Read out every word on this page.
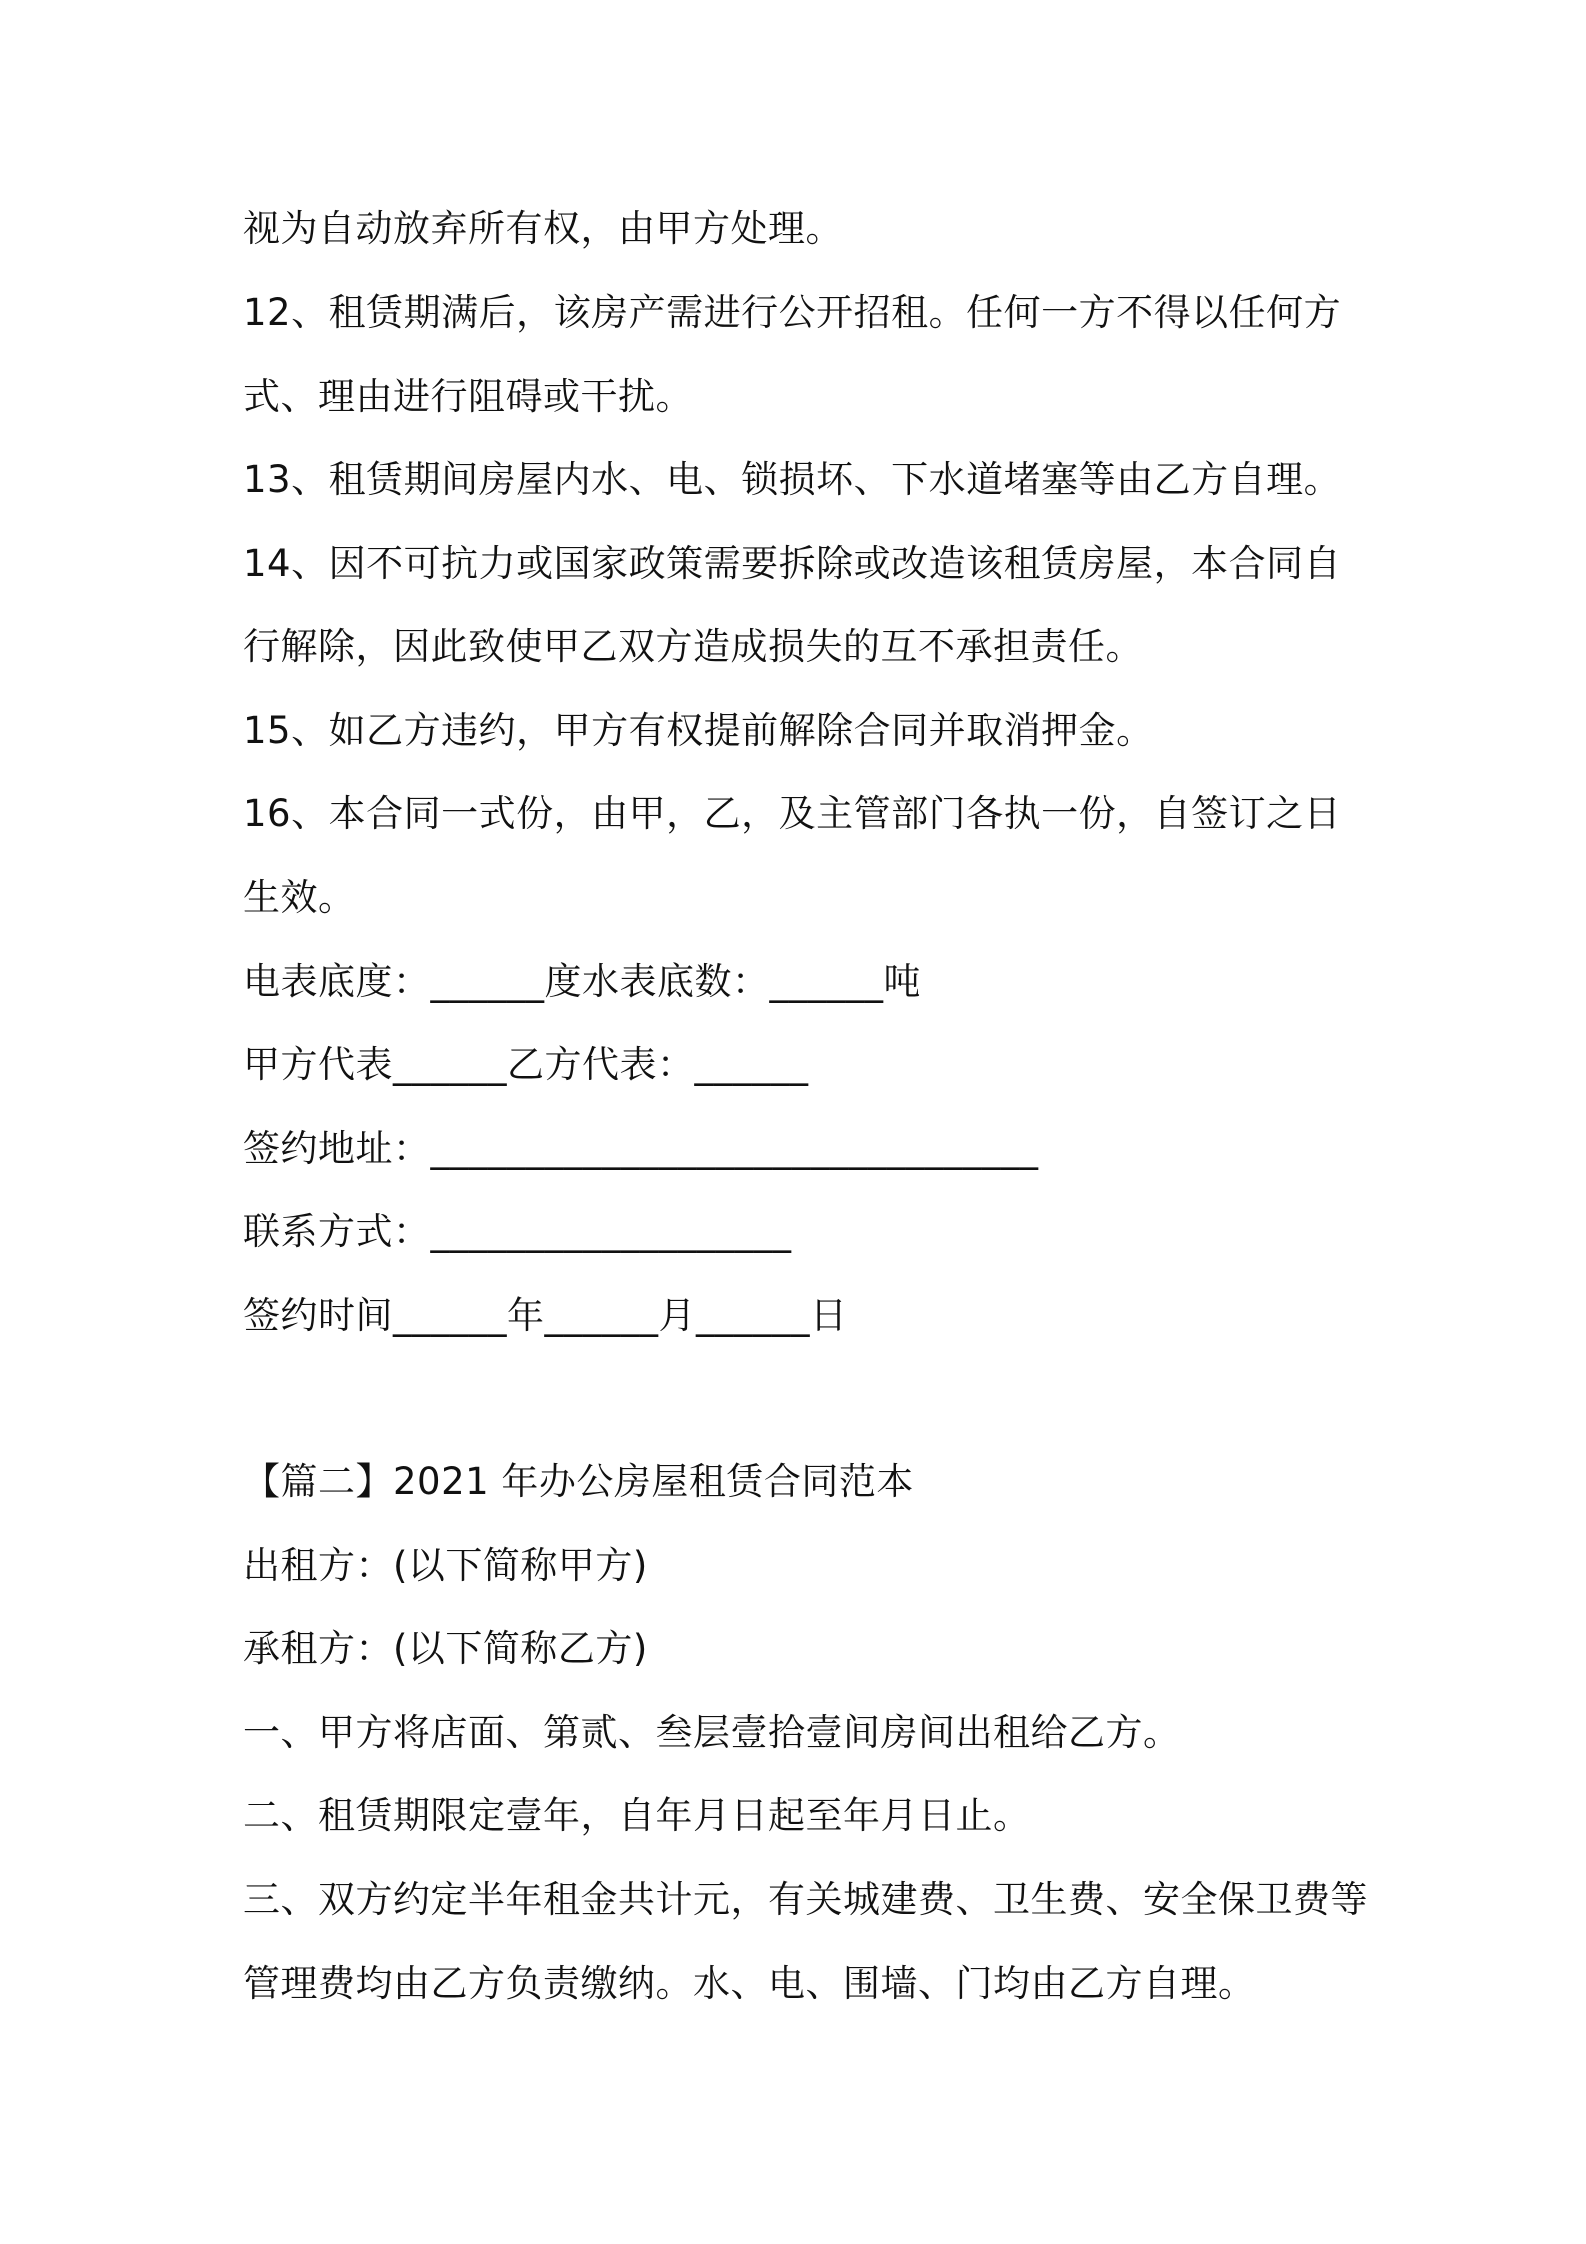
视为自动放弃所有权，由甲方处理。

12、租赁期满后，该房产需进行公开招租。任何一方不得以任何方

式、理由进行阻碍或干扰。

13、租赁期间房屋内水、电、锁损坏、下水道堵塞等由乙方自理。

14、因不可抗力或国家政策需要拆除或改造该租赁房屋，本合同自

行解除，因此致使甲乙双方造成损失的互不承担责任。

15、如乙方违约，甲方有权提前解除合同并取消押金。

16、本合同一式份，由甲，乙，及主管部门各执一份，自签订之日

生效。

电表底度：______度水表底数：______吨

甲方代表______乙方代表：______

签约地址：________________________________

联系方式：___________________

签约时间______年______月______日

【篇二】2021 年办公房屋租赁合同范本

出租方：(以下简称甲方)

承租方：(以下简称乙方)

一、甲方将店面、第贰、叁层壹拾壹间房间出租给乙方。

二、租赁期限定壹年，自年月日起至年月日止。

三、双方约定半年租金共计元，有关城建费、卫生费、安全保卫费等

管理费均由乙方负责缴纳。水、电、围墙、门均由乙方自理。
